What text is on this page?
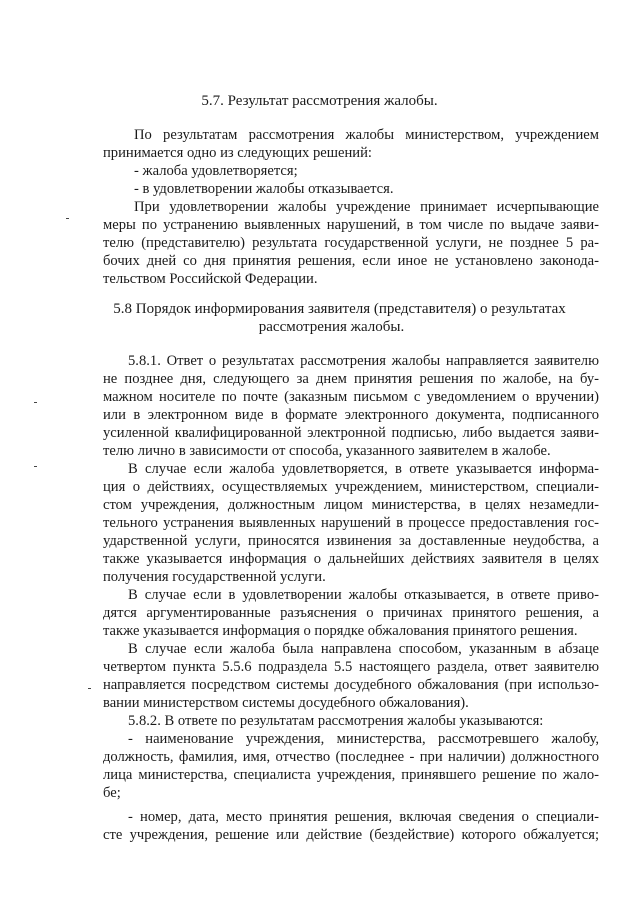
5.7. Результат рассмотрения жалобы.
По результатам рассмотрения жалобы министерством, учреждением
принимается одно из следующих решений:
- жалоба удовлетворяется;
- в удовлетворении жалобы отказывается.
При удовлетворении жалобы учреждение принимает исчерпывающие
меры по устранению выявленных нарушений, в том числе по выдаче заяви-
телю (представителю) результата государственной услуги, не позднее 5 ра-
бочих дней со дня принятия решения, если иное не установлено законода-
тельством Российской Федерации.
5.8 Порядок информирования заявителя (представителя) о результатах
рассмотрения жалобы.
5.8.1. Ответ о результатах рассмотрения жалобы направляется заявителю
не позднее дня, следующего за днем принятия решения по жалобе, на бу-
мажном носителе по почте (заказным письмом с уведомлением о вручении)
или в электронном виде в формате электронного документа, подписанного
усиленной квалифицированной электронной подписью, либо выдается заяви-
телю лично в зависимости от способа, указанного заявителем в жалобе.
В случае если жалоба удовлетворяется, в ответе указывается информа-
ция о действиях, осуществляемых учреждением, министерством, специали-
стом учреждения, должностным лицом министерства, в целях незамедли-
тельного устранения выявленных нарушений в процессе предоставления гос-
ударственной услуги, приносятся извинения за доставленные неудобства, а
также указывается информация о дальнейших действиях заявителя в целях
получения государственной услуги.
В случае если в удовлетворении жалобы отказывается, в ответе приво-
дятся аргументированные разъяснения о причинах принятого решения, а
также указывается информация о порядке обжалования принятого решения.
В случае если жалоба была направлена способом, указанным в абзаце
четвертом пункта 5.5.6 подраздела 5.5 настоящего раздела, ответ заявителю
направляется посредством системы досудебного обжалования (при использо-
вании министерством системы досудебного обжалования).
5.8.2. В ответе по результатам рассмотрения жалобы указываются:
- наименование учреждения, министерства, рассмотревшего жалобу,
должность, фамилия, имя, отчество (последнее - при наличии) должностного
лица министерства, специалиста учреждения, принявшего решение по жало-
бе;
- номер, дата, место принятия решения, включая сведения о специали-
сте учреждения, решение или действие (бездействие) которого обжалуется;
